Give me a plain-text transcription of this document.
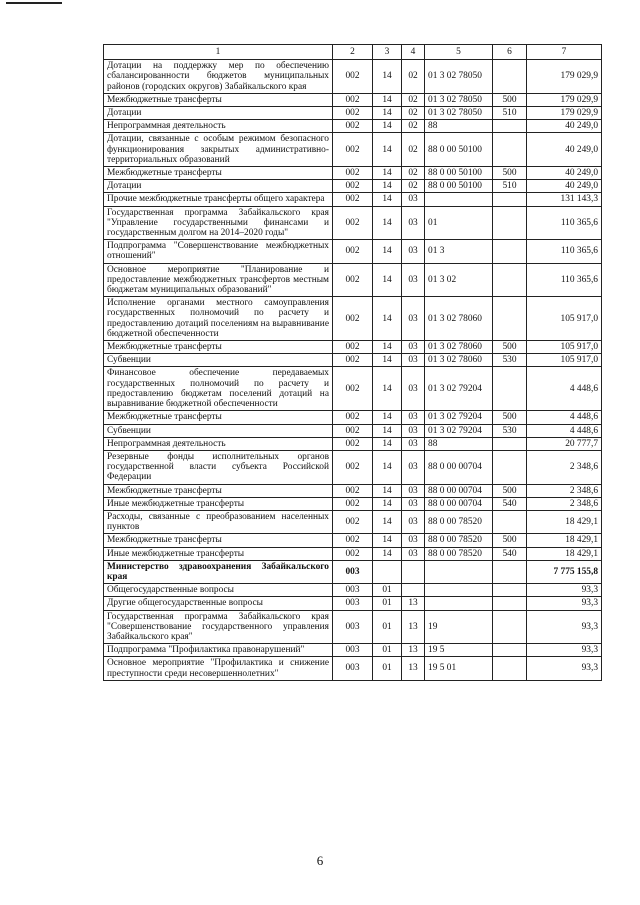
1	2	3	4	5	6	7
Дотации на поддержку мер по обеспечению сбалансированности бюджетов муниципальных районов (городских округов) Забайкальского края	002	14	02	01 3 02 78050		179 029,9
Межбюджетные трансферты	002	14	02	01 3 02 78050	500	179 029,9
Дотации	002	14	02	01 3 02 78050	510	179 029,9
Непрограммная деятельность	002	14	02	88		40 249,0
Дотации, связанные с особым режимом безопасного функционирования закрытых административно-территориальных образований	002	14	02	88 0 00 50100		40 249,0
Межбюджетные трансферты	002	14	02	88 0 00 50100	500	40 249,0
Дотации	002	14	02	88 0 00 50100	510	40 249,0
Прочие межбюджетные трансферты общего характера	002	14	03			131 143,3
Государственная программа Забайкальского края "Управление государственными финансами и государственным долгом на 2014–2020 годы"	002	14	03	01		110 365,6
Подпрограмма "Совершенствование межбюджетных отношений"	002	14	03	01 3		110 365,6
Основное мероприятие "Планирование и предоставление межбюджетных трансфертов местным бюджетам муниципальных образований"	002	14	03	01 3 02		110 365,6
Исполнение органами местного самоуправления государственных полномочий по расчету и предоставлению дотаций поселениям на выравнивание бюджетной обеспеченности	002	14	03	01 3 02 78060		105 917,0
Межбюджетные трансферты	002	14	03	01 3 02 78060	500	105 917,0
Субвенции	002	14	03	01 3 02 78060	530	105 917,0
Финансовое обеспечение передаваемых государственных полномочий по расчету и предоставлению бюджетам поселений дотаций на выравнивание бюджетной обеспеченности	002	14	03	01 3 02 79204		4 448,6
Межбюджетные трансферты	002	14	03	01 3 02 79204	500	4 448,6
Субвенции	002	14	03	01 3 02 79204	530	4 448,6
Непрограммная деятельность	002	14	03	88		20 777,7
Резервные фонды исполнительных органов государственной власти субъекта Российской Федерации	002	14	03	88 0 00 00704		2 348,6
Межбюджетные трансферты	002	14	03	88 0 00 00704	500	2 348,6
Иные межбюджетные трансферты	002	14	03	88 0 00 00704	540	2 348,6
Расходы, связанные с преобразованием населенных пунктов	002	14	03	88 0 00 78520		18 429,1
Межбюджетные трансферты	002	14	03	88 0 00 78520	500	18 429,1
Иные межбюджетные трансферты	002	14	03	88 0 00 78520	540	18 429,1
Министерство здравоохранения Забайкальского края	003					7 775 155,8
Общегосударственные вопросы	003	01				93,3
Другие общегосударственные вопросы	003	01	13			93,3
Государственная программа Забайкальского края "Совершенствование государственного управления Забайкальского края"	003	01	13	19		93,3
Подпрограмма "Профилактика правонарушений"	003	01	13	19 5		93,3
Основное мероприятие "Профилактика и снижение преступности среди несовершеннолетних"	003	01	13	19 5 01		93,3
6
